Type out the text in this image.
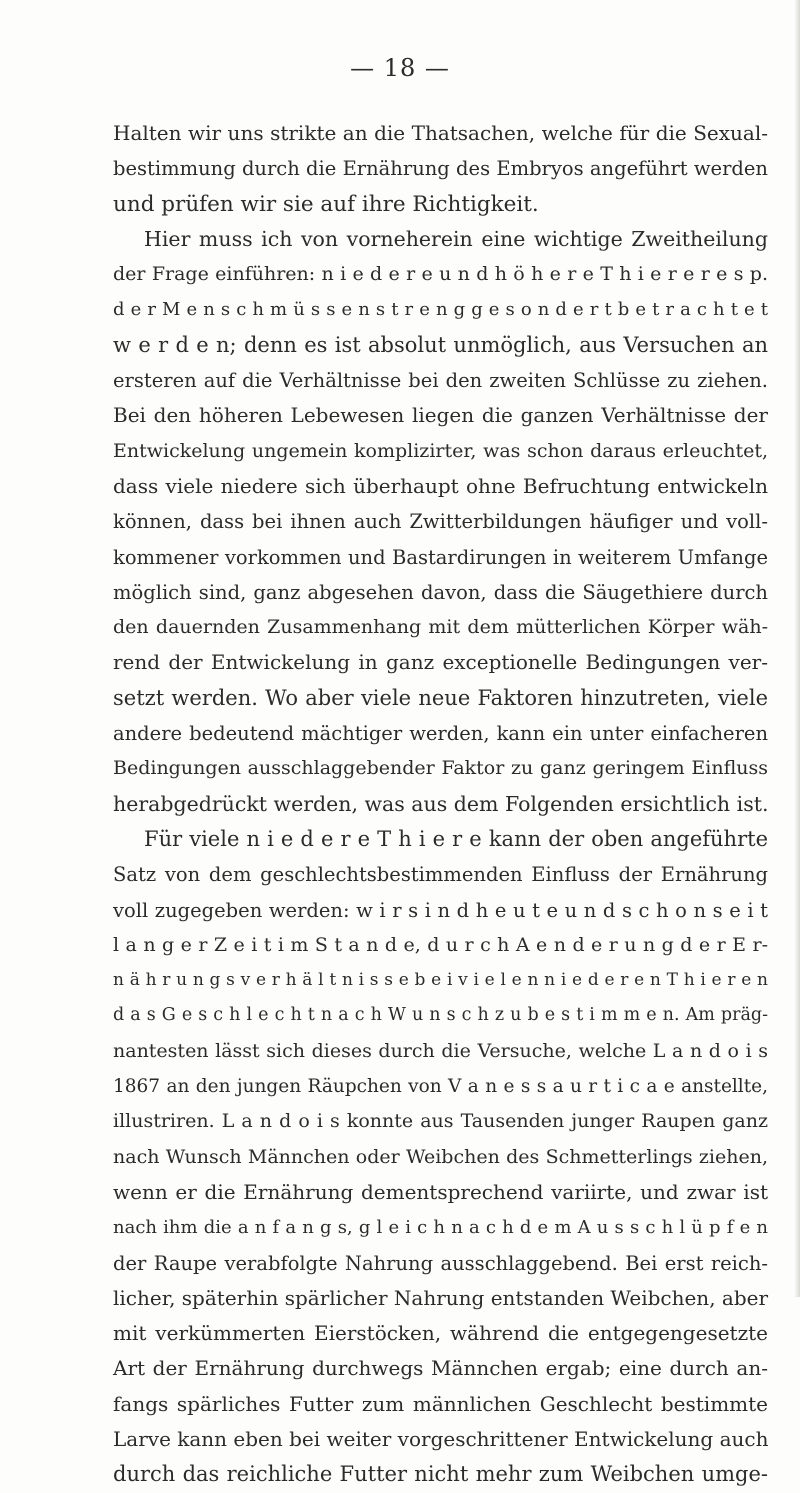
— 18 —
Halten wir uns strikte an die Thatsachen, welche für die Sexual-
bestimmung durch die Ernährung des Embryos angeführt werden
und prüfen wir sie auf ihre Richtigkeit.
Hier muss ich von vorneherein eine wichtige Zweitheilung
der Frage einführen: n i e d e r e u n d h ö h e r e T h i e r e r e s p.
d e r M e n s c h m ü s s e n s t r e n g g e s o n d e r t b e t r a c h t e t
w e r d e n; denn es ist absolut unmöglich, aus Versuchen an
ersteren auf die Verhältnisse bei den zweiten Schlüsse zu ziehen.
Bei den höheren Lebewesen liegen die ganzen Verhältnisse der
Entwickelung ungemein komplizirter, was schon daraus erleuchtet,
dass viele niedere sich überhaupt ohne Befruchtung entwickeln
können, dass bei ihnen auch Zwitterbildungen häufiger und voll-
kommener vorkommen und Bastardirungen in weiterem Umfange
möglich sind, ganz abgesehen davon, dass die Säugethiere durch
den dauernden Zusammenhang mit dem mütterlichen Körper wäh-
rend der Entwickelung in ganz exceptionelle Bedingungen ver-
setzt werden. Wo aber viele neue Faktoren hinzutreten, viele
andere bedeutend mächtiger werden, kann ein unter einfacheren
Bedingungen ausschlaggebender Faktor zu ganz geringem Einfluss
herabgedrückt werden, was aus dem Folgenden ersichtlich ist.
Für viele n i e d e r e T h i e r e kann der oben angeführte
Satz von dem geschlechtsbestimmenden Einfluss der Ernährung
voll zugegeben werden: w i r s i n d h e u t e u n d s c h o n s e i t
l a n g e r Z e i t i m S t a n d e, d u r c h A e n d e r u n g d e r E r-
n ä h r u n g s v e r h ä l t n i s s e b e i v i e l e n n i e d e r e n T h i e r e n
d a s G e s c h l e c h t n a c h W u n s c h z u b e s t i m m e n. Am präg-
nantesten lässt sich dieses durch die Versuche, welche L a n d o i s
1867 an den jungen Räupchen von V a n e s s a u r t i c a e anstellte,
illustriren. L a n d o i s konnte aus Tausenden junger Raupen ganz
nach Wunsch Männchen oder Weibchen des Schmetterlings ziehen,
wenn er die Ernährung dementsprechend variirte, und zwar ist
nach ihm die a n f a n g s, g l e i c h n a c h d e m A u s s c h l ü p f e n
der Raupe verabfolgte Nahrung ausschlaggebend. Bei erst reich-
licher, späterhin spärlicher Nahrung entstanden Weibchen, aber
mit verkümmerten Eierstöcken, während die entgegengesetzte
Art der Ernährung durchwegs Männchen ergab; eine durch an-
fangs spärliches Futter zum männlichen Geschlecht bestimmte
Larve kann eben bei weiter vorgeschrittener Entwickelung auch
durch das reichliche Futter nicht mehr zum Weibchen umge-
